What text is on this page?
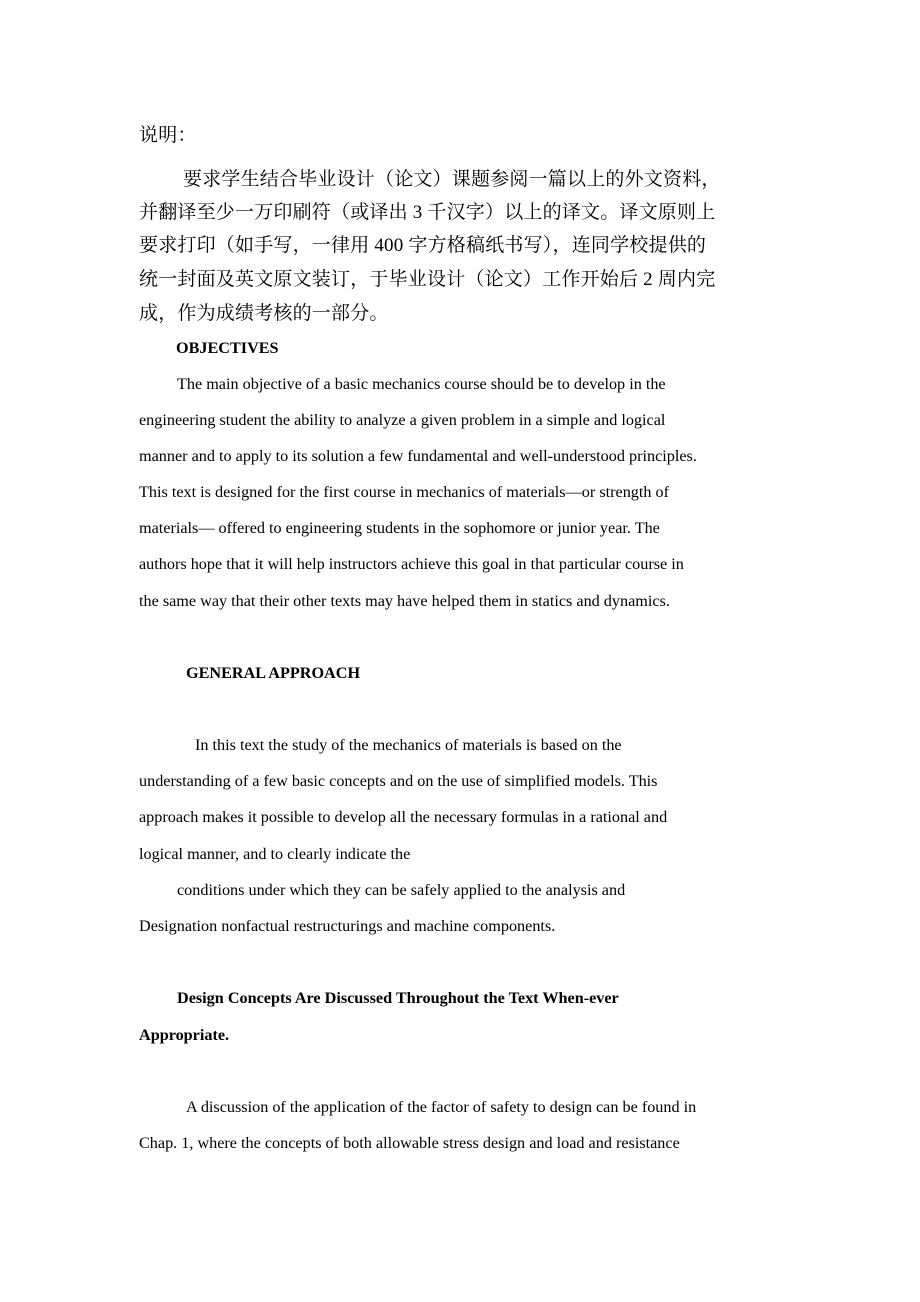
说明：
要求学生结合毕业设计（论文）课题参阅一篇以上的外文资料，
并翻译至少一万印刷符（或译出 3 千汉字）以上的译文。译文原则上
要求打印（如手写，一律用 400 字方格稿纸书写），连同学校提供的
统一封面及英文原文装订，于毕业设计（论文）工作开始后 2 周内完
成，作为成绩考核的一部分。
OBJECTIVES
The main objective of a basic mechanics course should be to develop in the
engineering student the ability to analyze a given problem in a simple and logical
manner and to apply to its solution a few fundamental and well-understood principles.
This text is designed for the first course in mechanics of materials—or strength of
materials— offered to engineering students in the sophomore or junior year. The
authors hope that it will help instructors achieve this goal in that particular course in
the same way that their other texts may have helped them in statics and dynamics.
GENERAL APPROACH
In this text the study of the mechanics of materials is based on the
understanding of a few basic concepts and on the use of simplified models. This
approach makes it possible to develop all the necessary formulas in a rational and
logical manner, and to clearly indicate the
conditions under which they can be safely applied to the analysis and
Designation nonfactual restructurings and machine components.
Design Concepts Are Discussed Throughout the Text When-ever
Appropriate.
A discussion of the application of the factor of safety to design can be found in
Chap. 1, where the concepts of both allowable stress design and load and resistance
